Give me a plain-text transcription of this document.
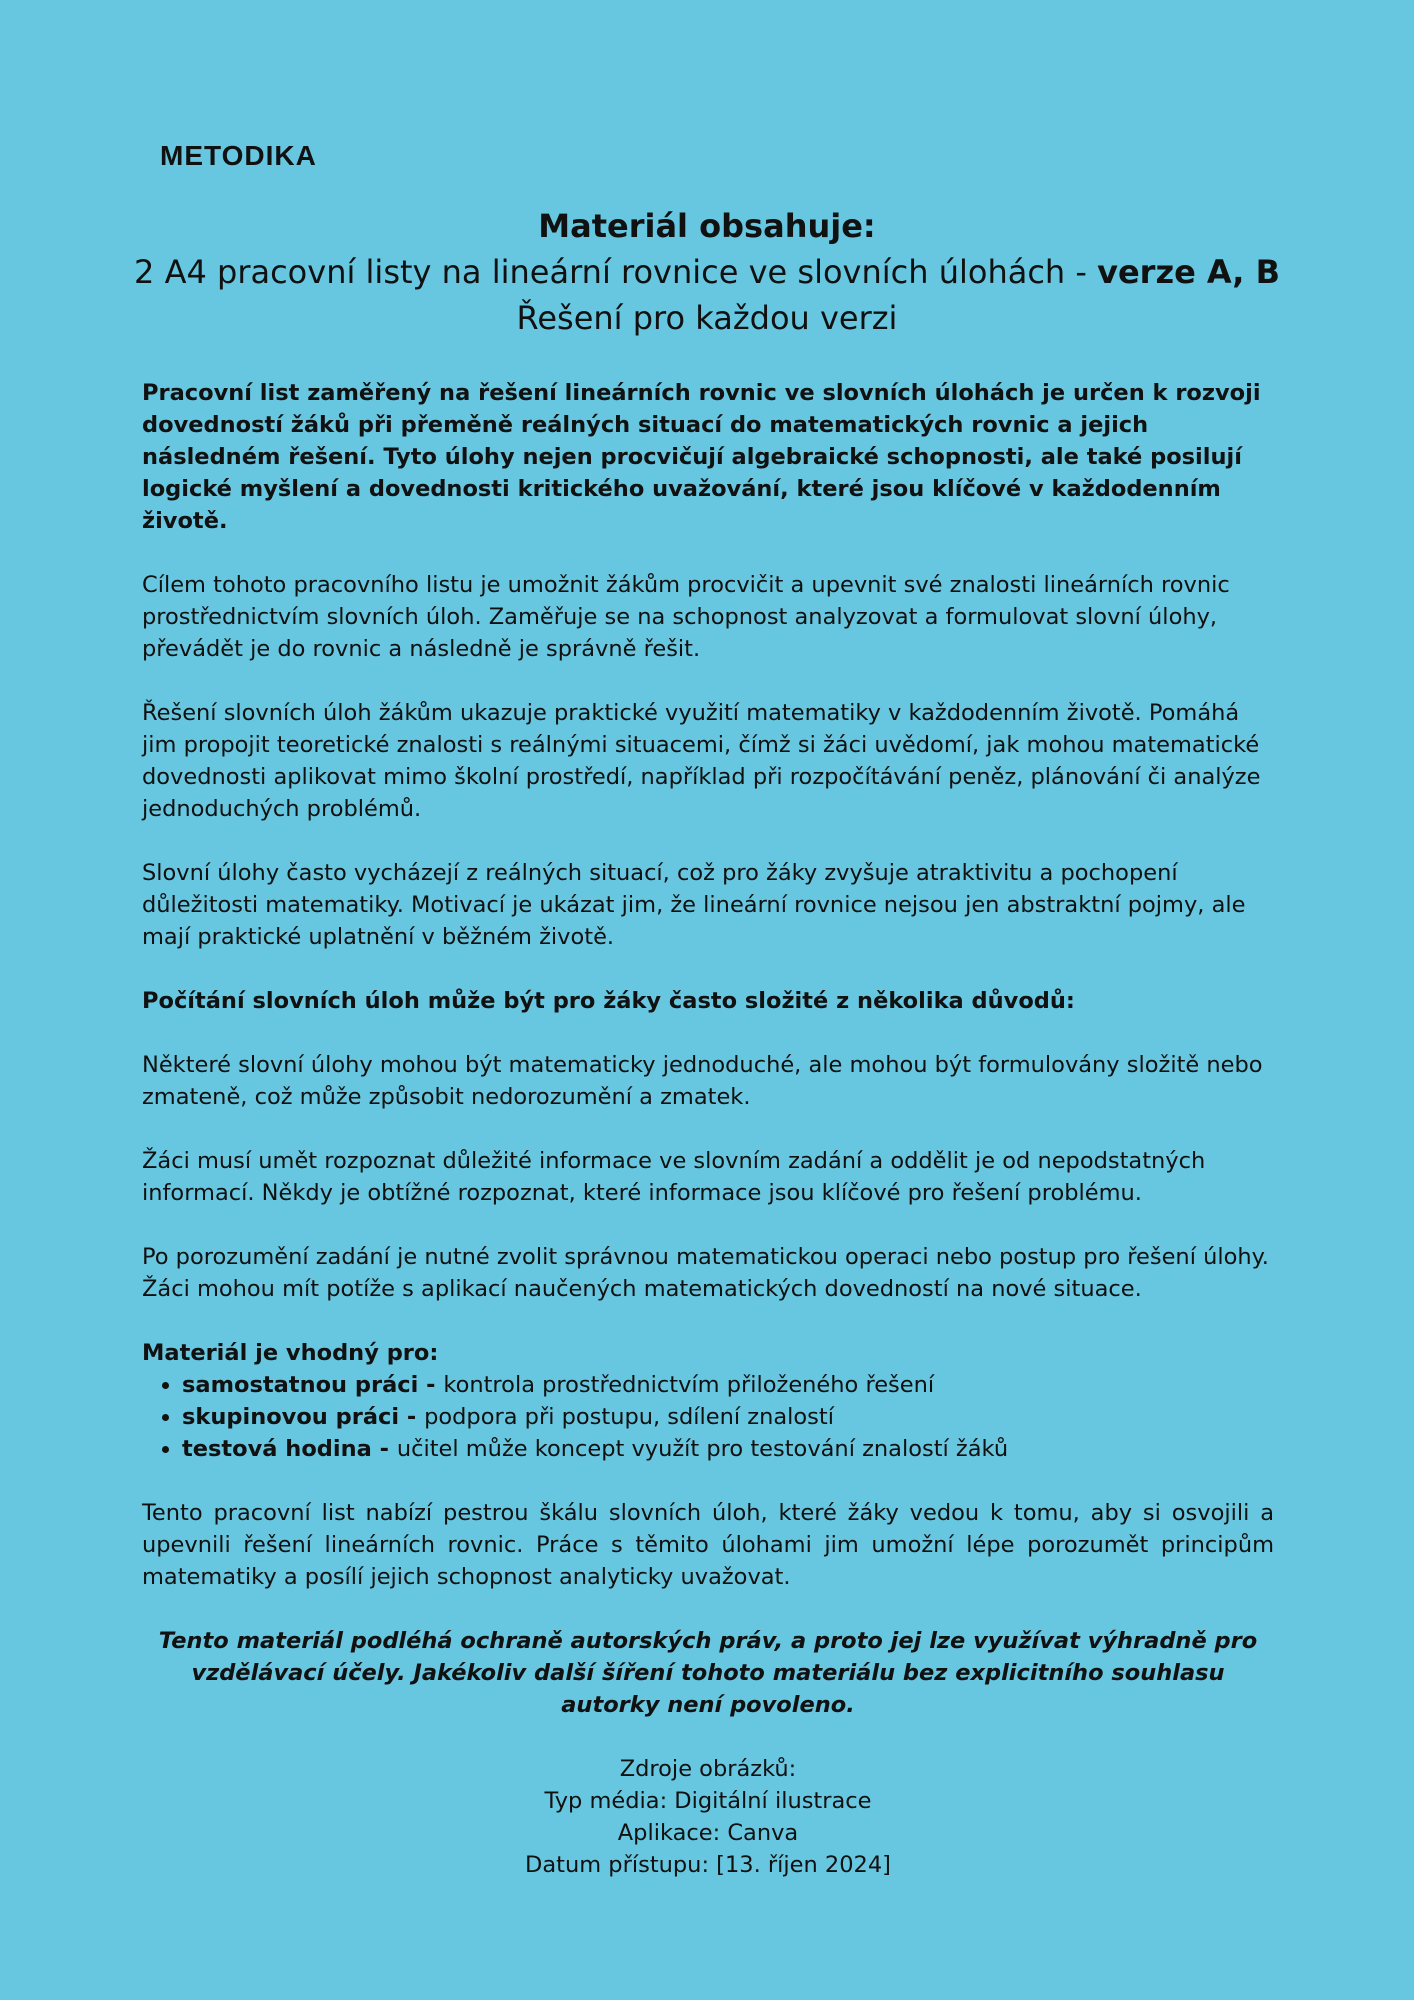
METODIKA
Materiál obsahuje:
2 A4 pracovní listy na lineární rovnice ve slovních úlohách - verze A, B
Řešení pro každou verzi

Pracovní list zaměřený na řešení lineárních rovnic ve slovních úlohách je určen k rozvoji dovedností žáků při přeměně reálných situací do matematických rovnic a jejich následném řešení. Tyto úlohy nejen procvičují algebraické schopnosti, ale také posilují logické myšlení a dovednosti kritického uvažování, které jsou klíčové v každodenním životě.

Cílem tohoto pracovního listu je umožnit žákům procvičit a upevnit své znalosti lineárních rovnic prostřednictvím slovních úloh. Zaměřuje se na schopnost analyzovat a formulovat slovní úlohy, převádět je do rovnic a následně je správně řešit.

Řešení slovních úloh žákům ukazuje praktické využití matematiky v každodenním životě. Pomáhá jim propojit teoretické znalosti s reálnými situacemi, čímž si žáci uvědomí, jak mohou matematické dovednosti aplikovat mimo školní prostředí, například při rozpočítávání peněz, plánování či analýze jednoduchých problémů.

Slovní úlohy často vycházejí z reálných situací, což pro žáky zvyšuje atraktivitu a pochopení důležitosti matematiky. Motivací je ukázat jim, že lineární rovnice nejsou jen abstraktní pojmy, ale mají praktické uplatnění v běžném životě.

Počítání slovních úloh může být pro žáky často složité z několika důvodů:

Některé slovní úlohy mohou být matematicky jednoduché, ale mohou být formulovány složitě nebo zmateně, což může způsobit nedorozumění a zmatek.

Žáci musí umět rozpoznat důležité informace ve slovním zadání a oddělit je od nepodstatných informací. Někdy je obtížné rozpoznat, které informace jsou klíčové pro řešení problému.

Po porozumění zadání je nutné zvolit správnou matematickou operaci nebo postup pro řešení úlohy. Žáci mohou mít potíže s aplikací naučených matematických dovedností na nové situace.

Materiál je vhodný pro:
• samostatnou práci - kontrola prostřednictvím přiloženého řešení
• skupinovou práci - podpora při postupu, sdílení znalostí
• testová hodina - učitel může koncept využít pro testování znalostí žáků

Tento pracovní list nabízí pestrou škálu slovních úloh, které žáky vedou k tomu, aby si osvojili a upevnili řešení lineárních rovnic. Práce s těmito úlohami jim umožní lépe porozumět principům matematiky a posílí jejich schopnost analyticky uvažovat.

Tento materiál podléhá ochraně autorských práv, a proto jej lze využívat výhradně pro vzdělávací účely. Jakékoliv další šíření tohoto materiálu bez explicitního souhlasu autorky není povoleno.

Zdroje obrázků:
Typ média: Digitální ilustrace
Aplikace: Canva
Datum přístupu: [13. říjen 2024]
